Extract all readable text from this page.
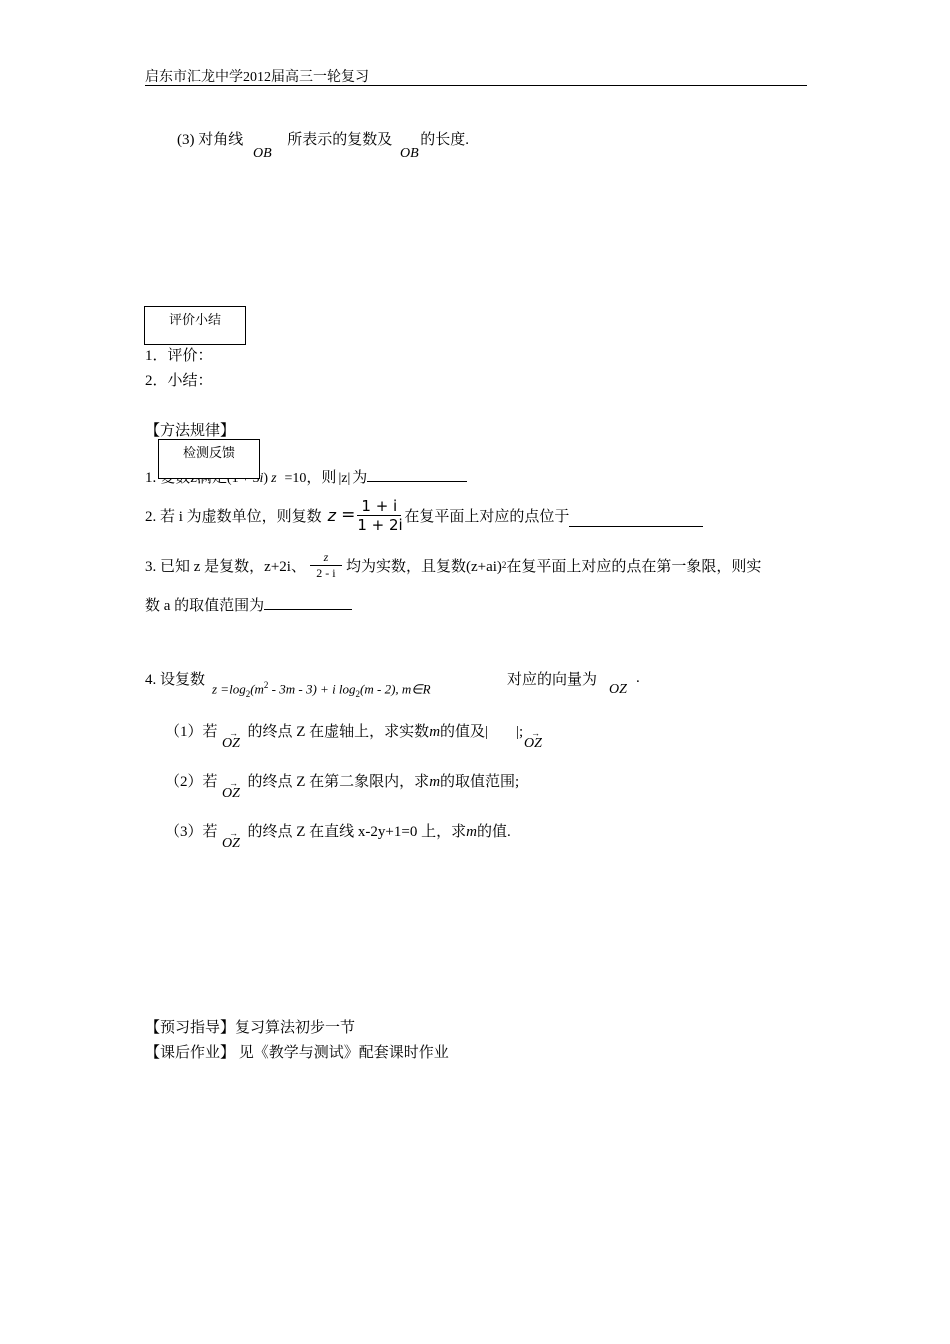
启东市汇龙中学2012届高三一轮复习
(3) 对角线	所表示的复数及 的长度.
OB	OB
评价小结
1．评价：
2．小结：
【方法规律】
1.	i) z =10，则 |z| 为
检测反馈
2. 若 i 为虚数单位，则复数 $z = \frac{1 + i}{1 + 2i}$ 在复平面上对应的点位于
3. 已知 z 是复数，z+2i、 $\frac{z}{2 - i}$ 均为实数，且复数(z+ai) 2 在复平面上对应的点在第一象限，则实
数 a 的取值范围为
4. 设复数
$z =\log_2(m^2 - 3m - 3) + i$ $\log_2(m - 2)$, m∈R
对应的向量为
OZ
.
（1）若 的终点 Z 在虚轴上，求实数m的值及| |;
→
OZ
→
OZ
（2）若 的终点 Z 在第二象限内，求m的取值范围;
→
OZ
（3）若 的终点 Z 在直线 x-2y+1=0 上，求m的值.
→
OZ
【预习指导】复习算法初步一节
【课后作业】 见《教学与测试》配套课时作业
